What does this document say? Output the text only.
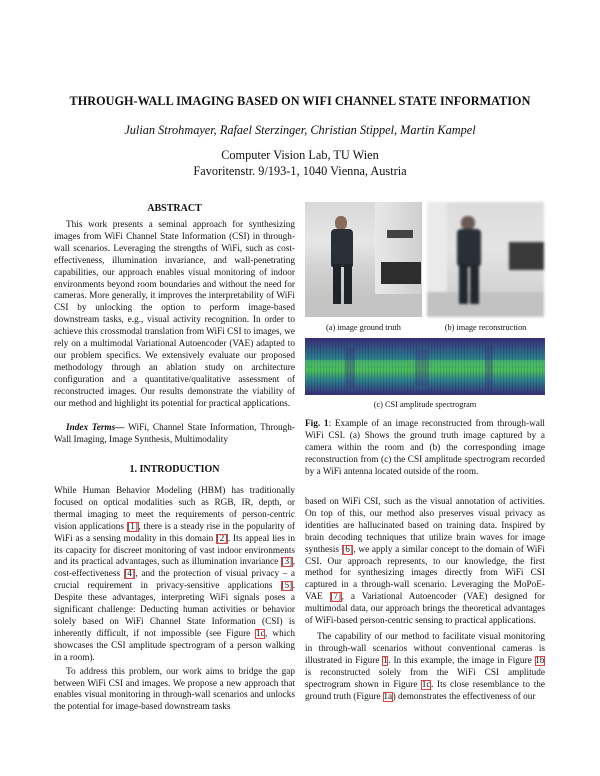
THROUGH-WALL IMAGING BASED ON WIFI CHANNEL STATE INFORMATION
Julian Strohmayer, Rafael Sterzinger, Christian Stippel, Martin Kampel
Computer Vision Lab, TU Wien
Favoritenstr. 9/193-1, 1040 Vienna, Austria
ABSTRACT

This work presents a seminal approach for synthesizing images from WiFi Channel State Information (CSI) in through-wall scenarios. Leveraging the strengths of WiFi, such as cost-effectiveness, illumination invariance, and wall-penetrating capabilities, our approach enables visual monitoring of indoor environments beyond room boundaries and without the need for cameras. More generally, it improves the interpretability of WiFi CSI by unlocking the option to perform image-based downstream tasks, e.g., visual activity recognition. In order to achieve this crossmodal translation from WiFi CSI to images, we rely on a multimodal Variational Autoencoder (VAE) adapted to our problem specifics. We extensively evaluate our proposed methodology through an ablation study on architecture configuration and a quantitative/qualitative assessment of reconstructed images. Our results demonstrate the viability of our method and highlight its potential for practical applications.

Index Terms— WiFi, Channel State Information, Through-Wall Imaging, Image Synthesis, Multimodality
1. INTRODUCTION

While Human Behavior Modeling (HBM) has traditionally focused on optical modalities such as RGB, IR, depth, or thermal imaging to meet the requirements of person-centric vision applications [1], there is a steady rise in the popularity of WiFi as a sensing modality in this domain [2]. Its appeal lies in its capacity for discreet monitoring of vast indoor environments and its practical advantages, such as illumination invariance [3], cost-effectiveness [4], and the protection of visual privacy – a crucial requirement in privacy-sensitive applications [5]. Despite these advantages, interpreting WiFi signals poses a significant challenge: Deducting human activities or behavior solely based on WiFi Channel State Information (CSI) is inherently difficult, if not impossible (see Figure 1c, which showcases the CSI amplitude spectrogram of a person walking in a room).

To address this problem, our work aims to bridge the gap between WiFi CSI and images. We propose a new approach that enables visual monitoring in through-wall scenarios and unlocks the potential for image-based downstream tasks

(a) image ground truth	(b) image reconstruction
(c) CSI amplitude spectrogram
Fig. 1: Example of an image reconstructed from through-wall WiFi CSI. (a) Shows the ground truth image captured by a camera within the room and (b) the corresponding image reconstruction from (c) the CSI amplitude spectrogram recorded by a WiFi antenna located outside of the room.

based on WiFi CSI, such as the visual annotation of activities. On top of this, our method also preserves visual privacy as identities are hallucinated based on training data. Inspired by brain decoding techniques that utilize brain waves for image synthesis [6], we apply a similar concept to the domain of WiFi CSI. Our approach represents, to our knowledge, the first method for synthesizing images directly from WiFi CSI captured in a through-wall scenario. Leveraging the MoPoE-VAE [7], a Variational Autoencoder (VAE) designed for multimodal data, our approach brings the theoretical advantages of WiFi-based person-centric sensing to practical applications.

The capability of our method to facilitate visual monitoring in through-wall scenarios without conventional cameras is illustrated in Figure 1. In this example, the image in Figure 1b is reconstructed solely from the WiFi CSI amplitude spectrogram shown in Figure 1c. Its close resemblance to the ground truth (Figure 1a) demonstrates the effectiveness of our
